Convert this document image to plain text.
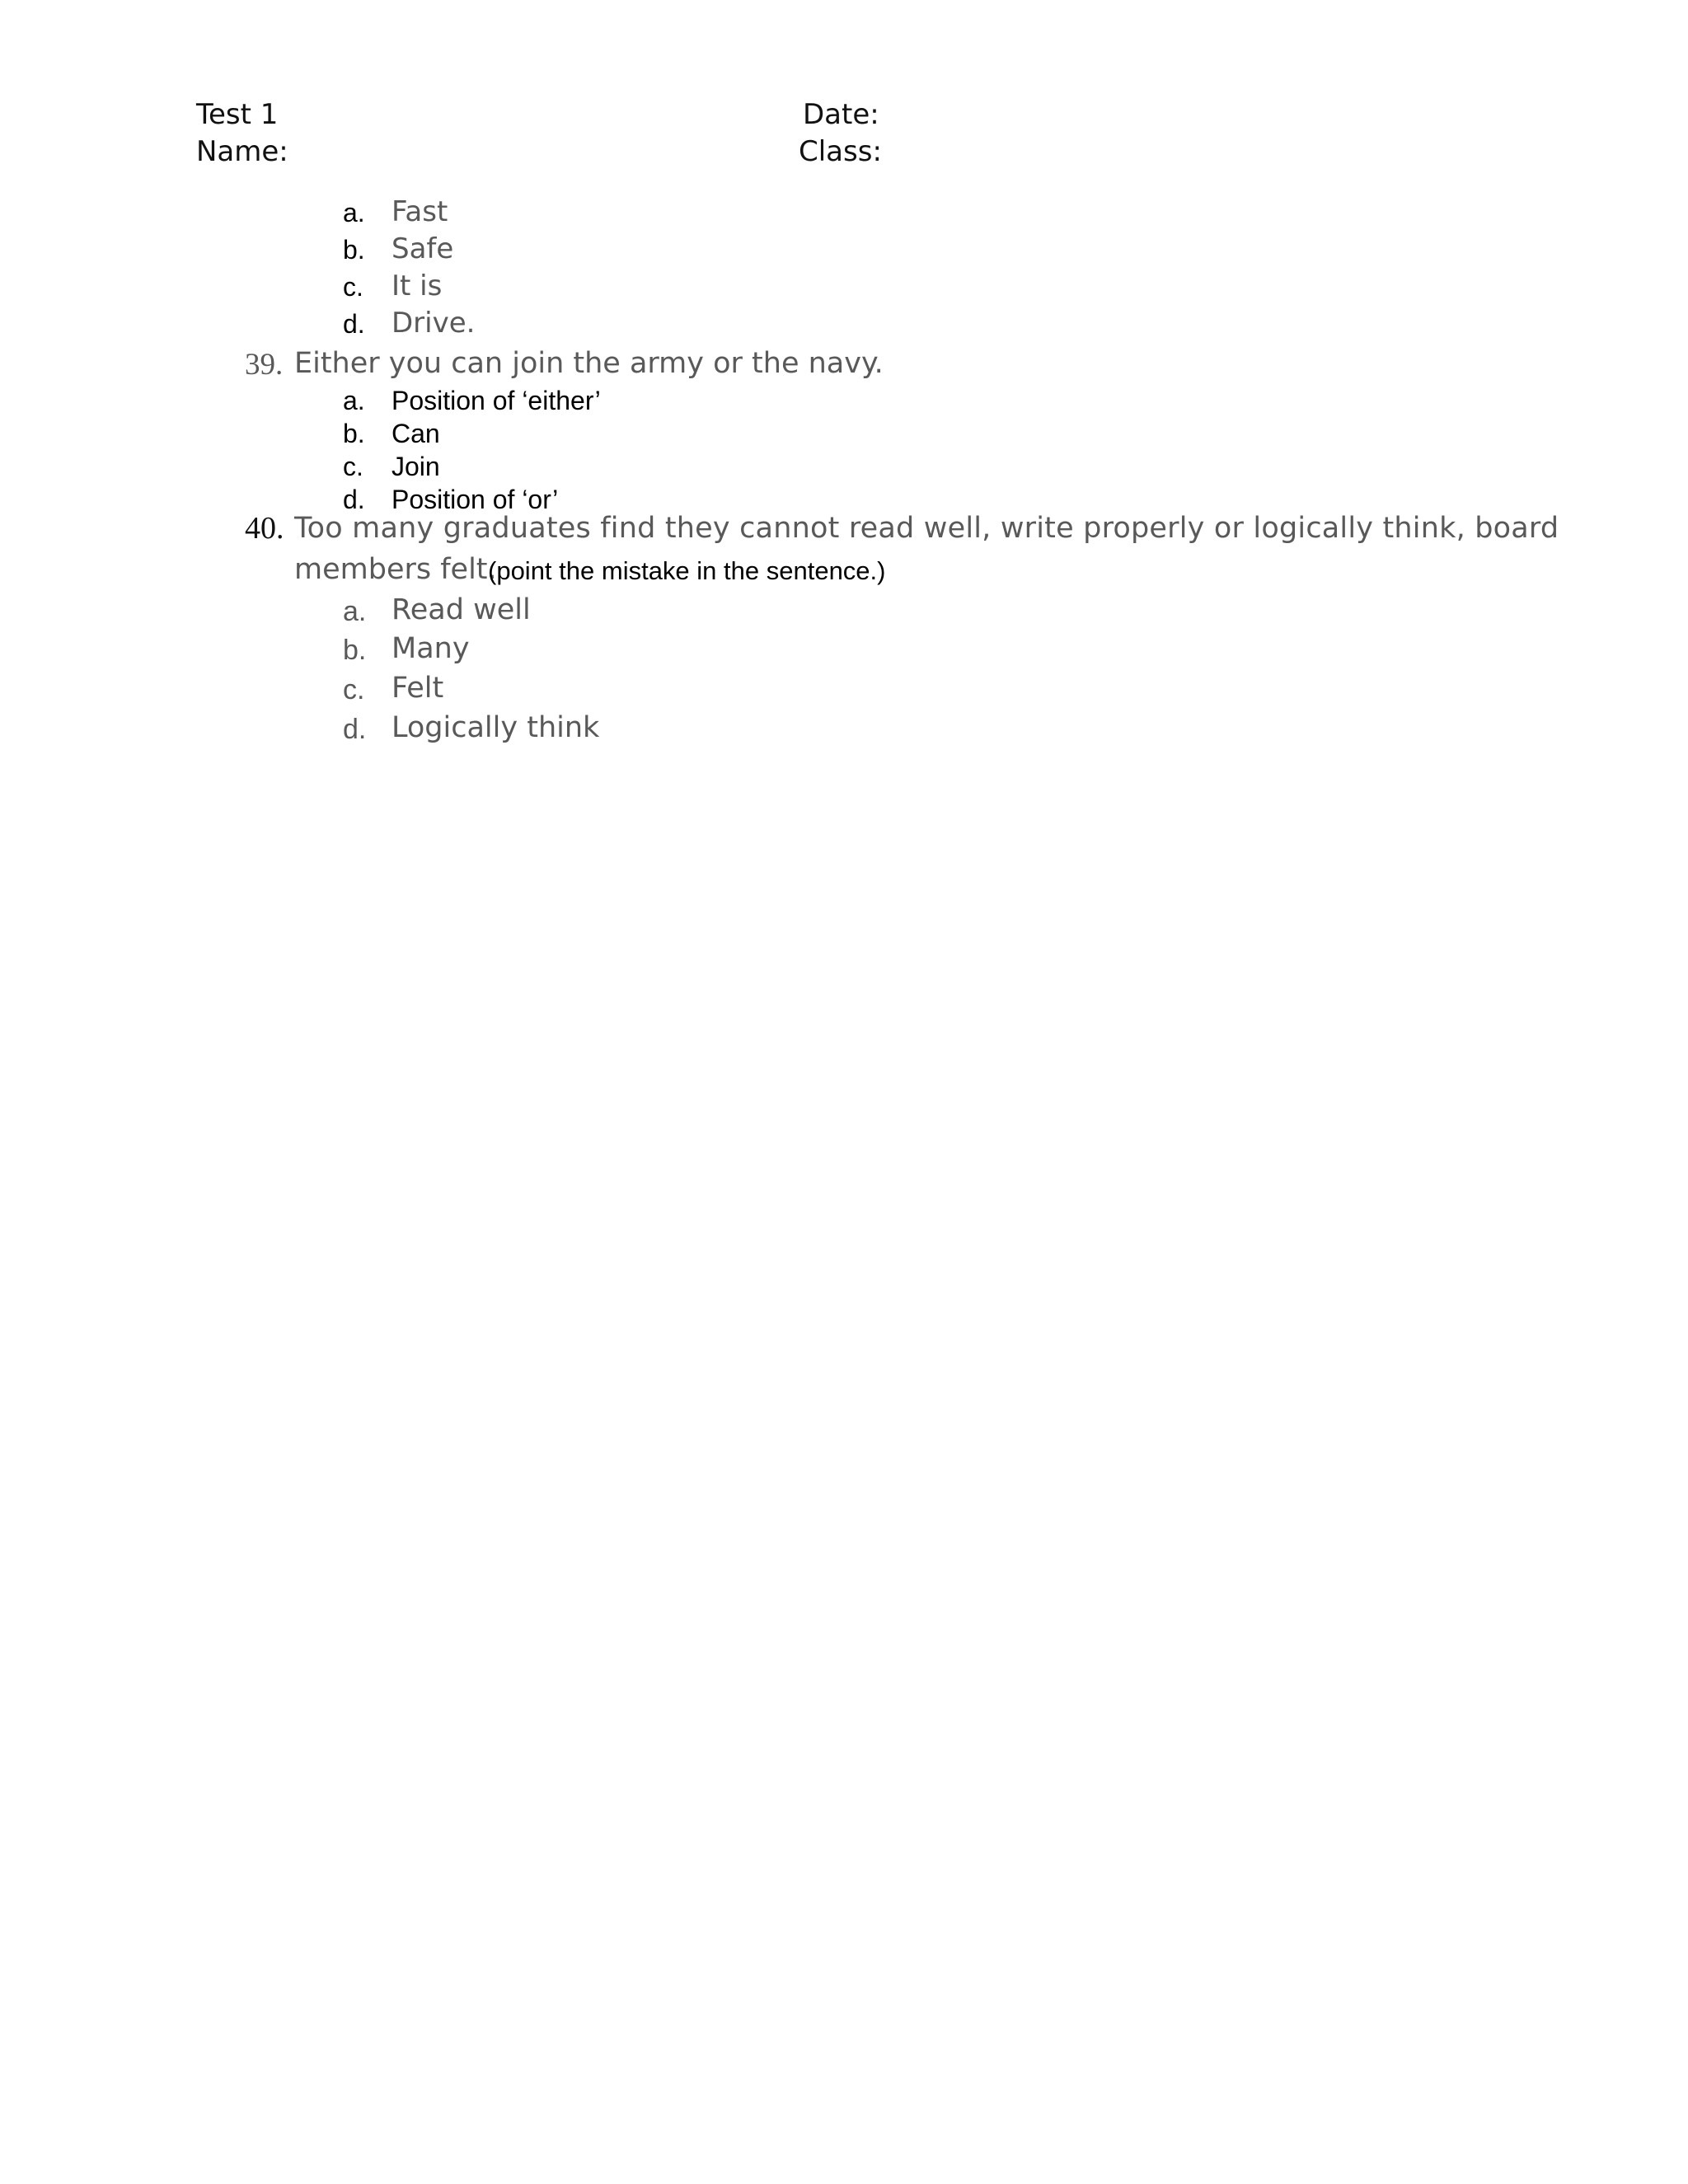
Test 1
Name:
Date:
Class:
a. Fast
b. Safe
c. It is
d. Drive.
39. Either you can join the army or the navy.
a. Position of ‘either’
b. Can
c. Join
d. Position of ‘or’
40. Too many graduates find they cannot read well, write properly or logically think, board
members felt.
(point the mistake in the sentence.)
a. Read well
b. Many
c. Felt
d. Logically think
